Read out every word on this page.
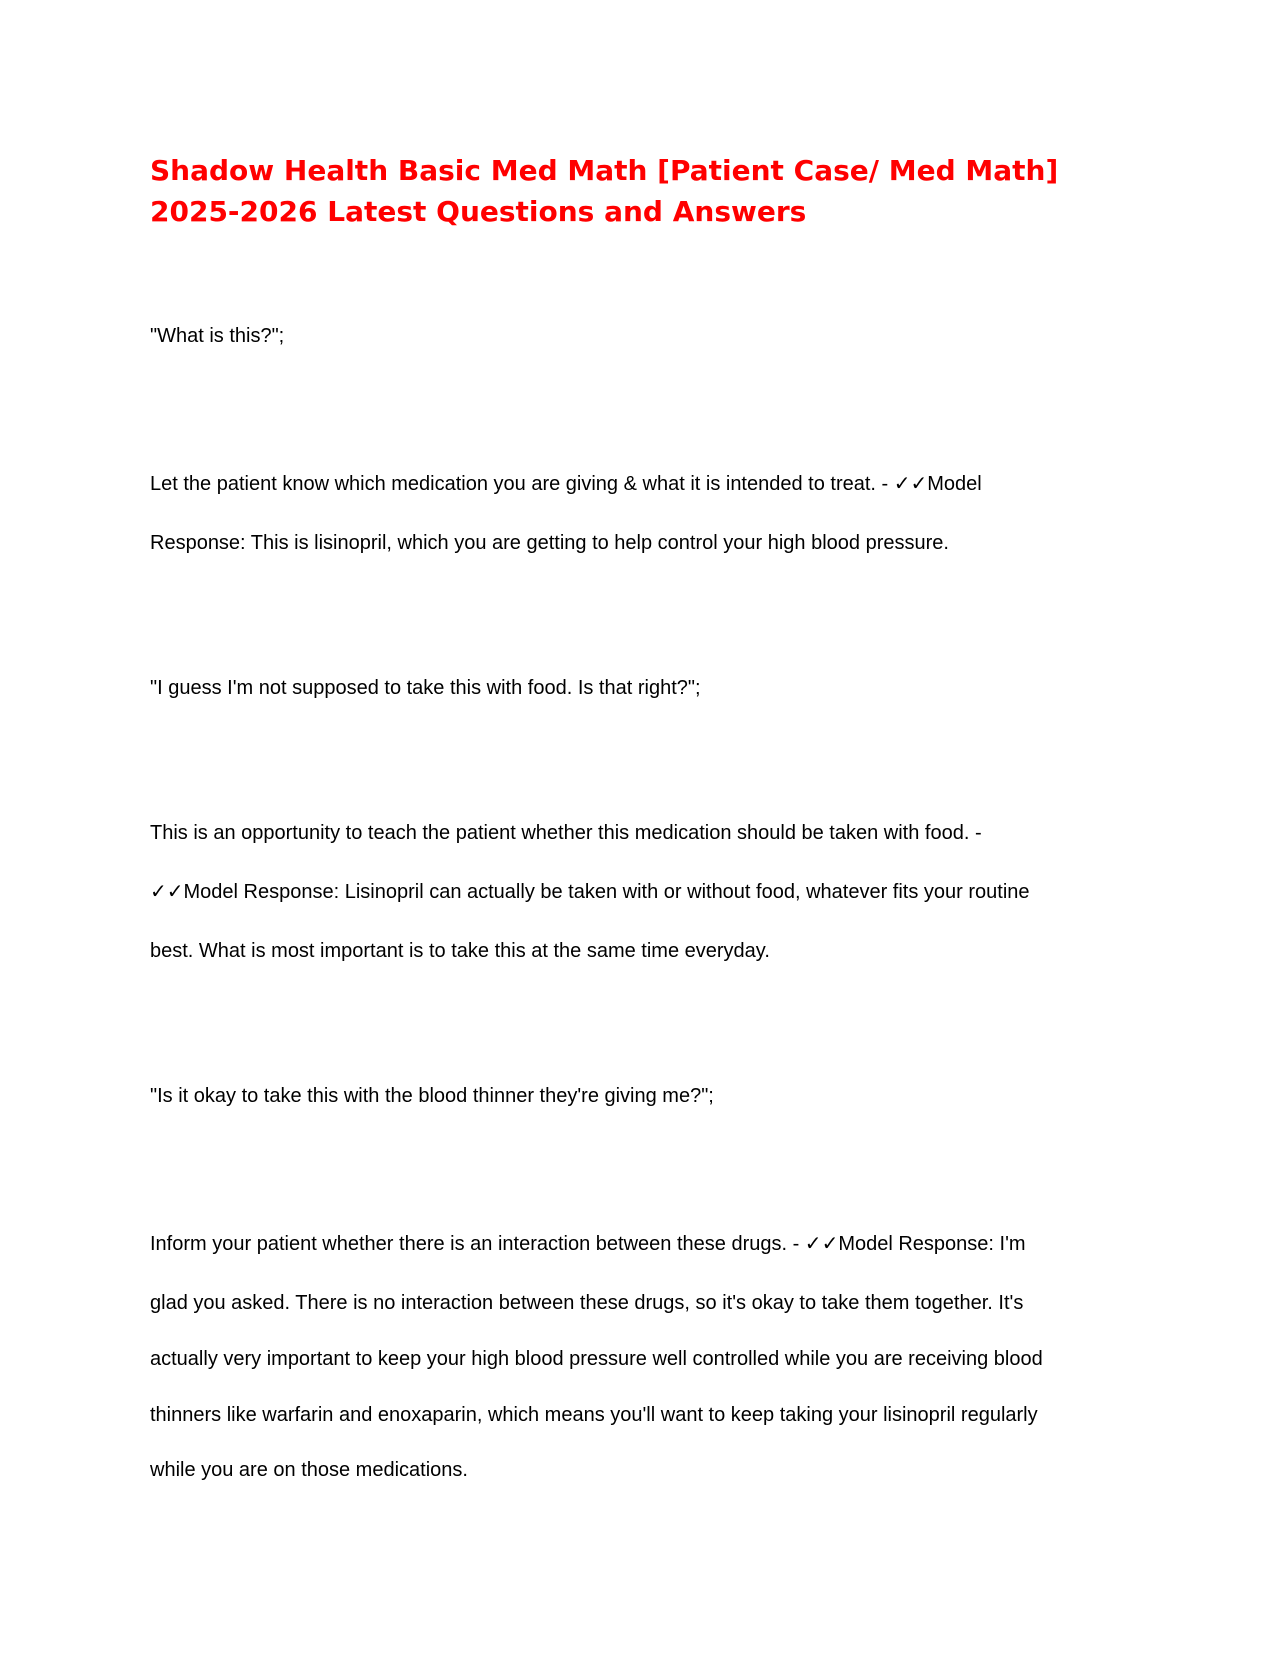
Shadow Health Basic Med Math [Patient Case/ Med Math]
2025-2026 Latest Questions and Answers

"What is this?";

Let the patient know which medication you are giving & what it is intended to treat. - ✓✓Model

Response: This is lisinopril, which you are getting to help control your high blood pressure.

"I guess I'm not supposed to take this with food. Is that right?";

This is an opportunity to teach the patient whether this medication should be taken with food. -

✓✓Model Response: Lisinopril can actually be taken with or without food, whatever fits your routine

best. What is most important is to take this at the same time everyday.

"Is it okay to take this with the blood thinner they're giving me?";

Inform your patient whether there is an interaction between these drugs. - ✓✓Model Response: I'm

glad you asked. There is no interaction between these drugs, so it's okay to take them together. It's

actually very important to keep your high blood pressure well controlled while you are receiving blood

thinners like warfarin and enoxaparin, which means you'll want to keep taking your lisinopril regularly

while you are on those medications.
